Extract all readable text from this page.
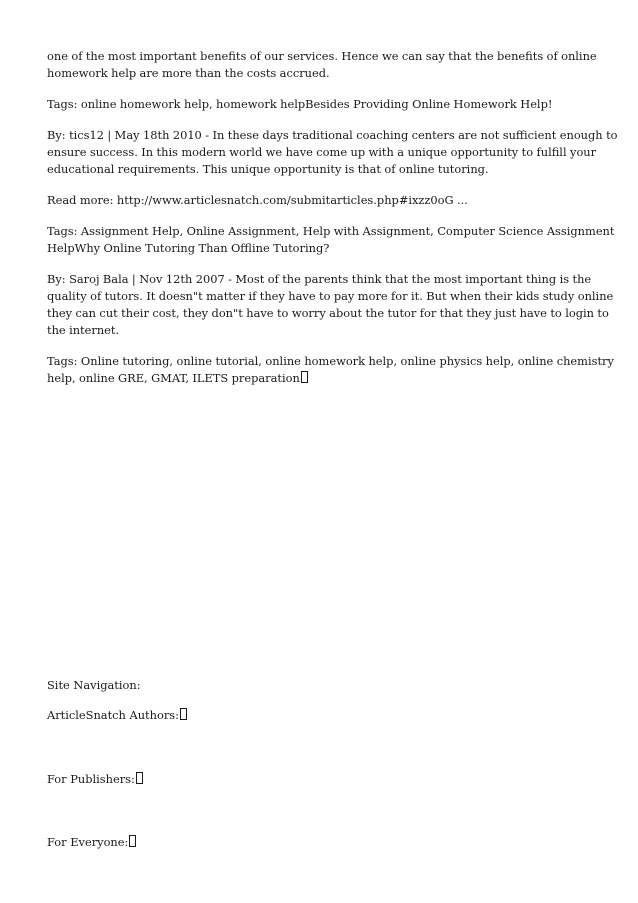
one of the most important benefits of our services. Hence we can say that the benefits of online
homework help are more than the costs accrued.

Tags: online homework help, homework helpBesides Providing Online Homework Help!

By: tics12 | May 18th 2010 - In these days traditional coaching centers are not sufficient enough to
ensure success. In this modern world we have come up with a unique opportunity to fulfill your
educational requirements. This unique opportunity is that of online tutoring.

Read more: http://www.articlesnatch.com/submitarticles.php#ixzz0oG ...

Tags: Assignment Help, Online Assignment, Help with Assignment, Computer Science Assignment
HelpWhy Online Tutoring Than Offline Tutoring?

By: Saroj Bala | Nov 12th 2007 - Most of the parents think that the most important thing is the
quality of tutors. It doesn"t matter if they have to pay more for it. But when their kids study online
they can cut their cost, they don"t have to worry about the tutor for that they just have to login to
the internet.

Tags: Online tutoring, online tutorial, online homework help, online physics help, online chemistry
help, online GRE, GMAT, ILETS preparation

Site Navigation:
ArticleSnatch Authors:
For Publishers:
For Everyone:
